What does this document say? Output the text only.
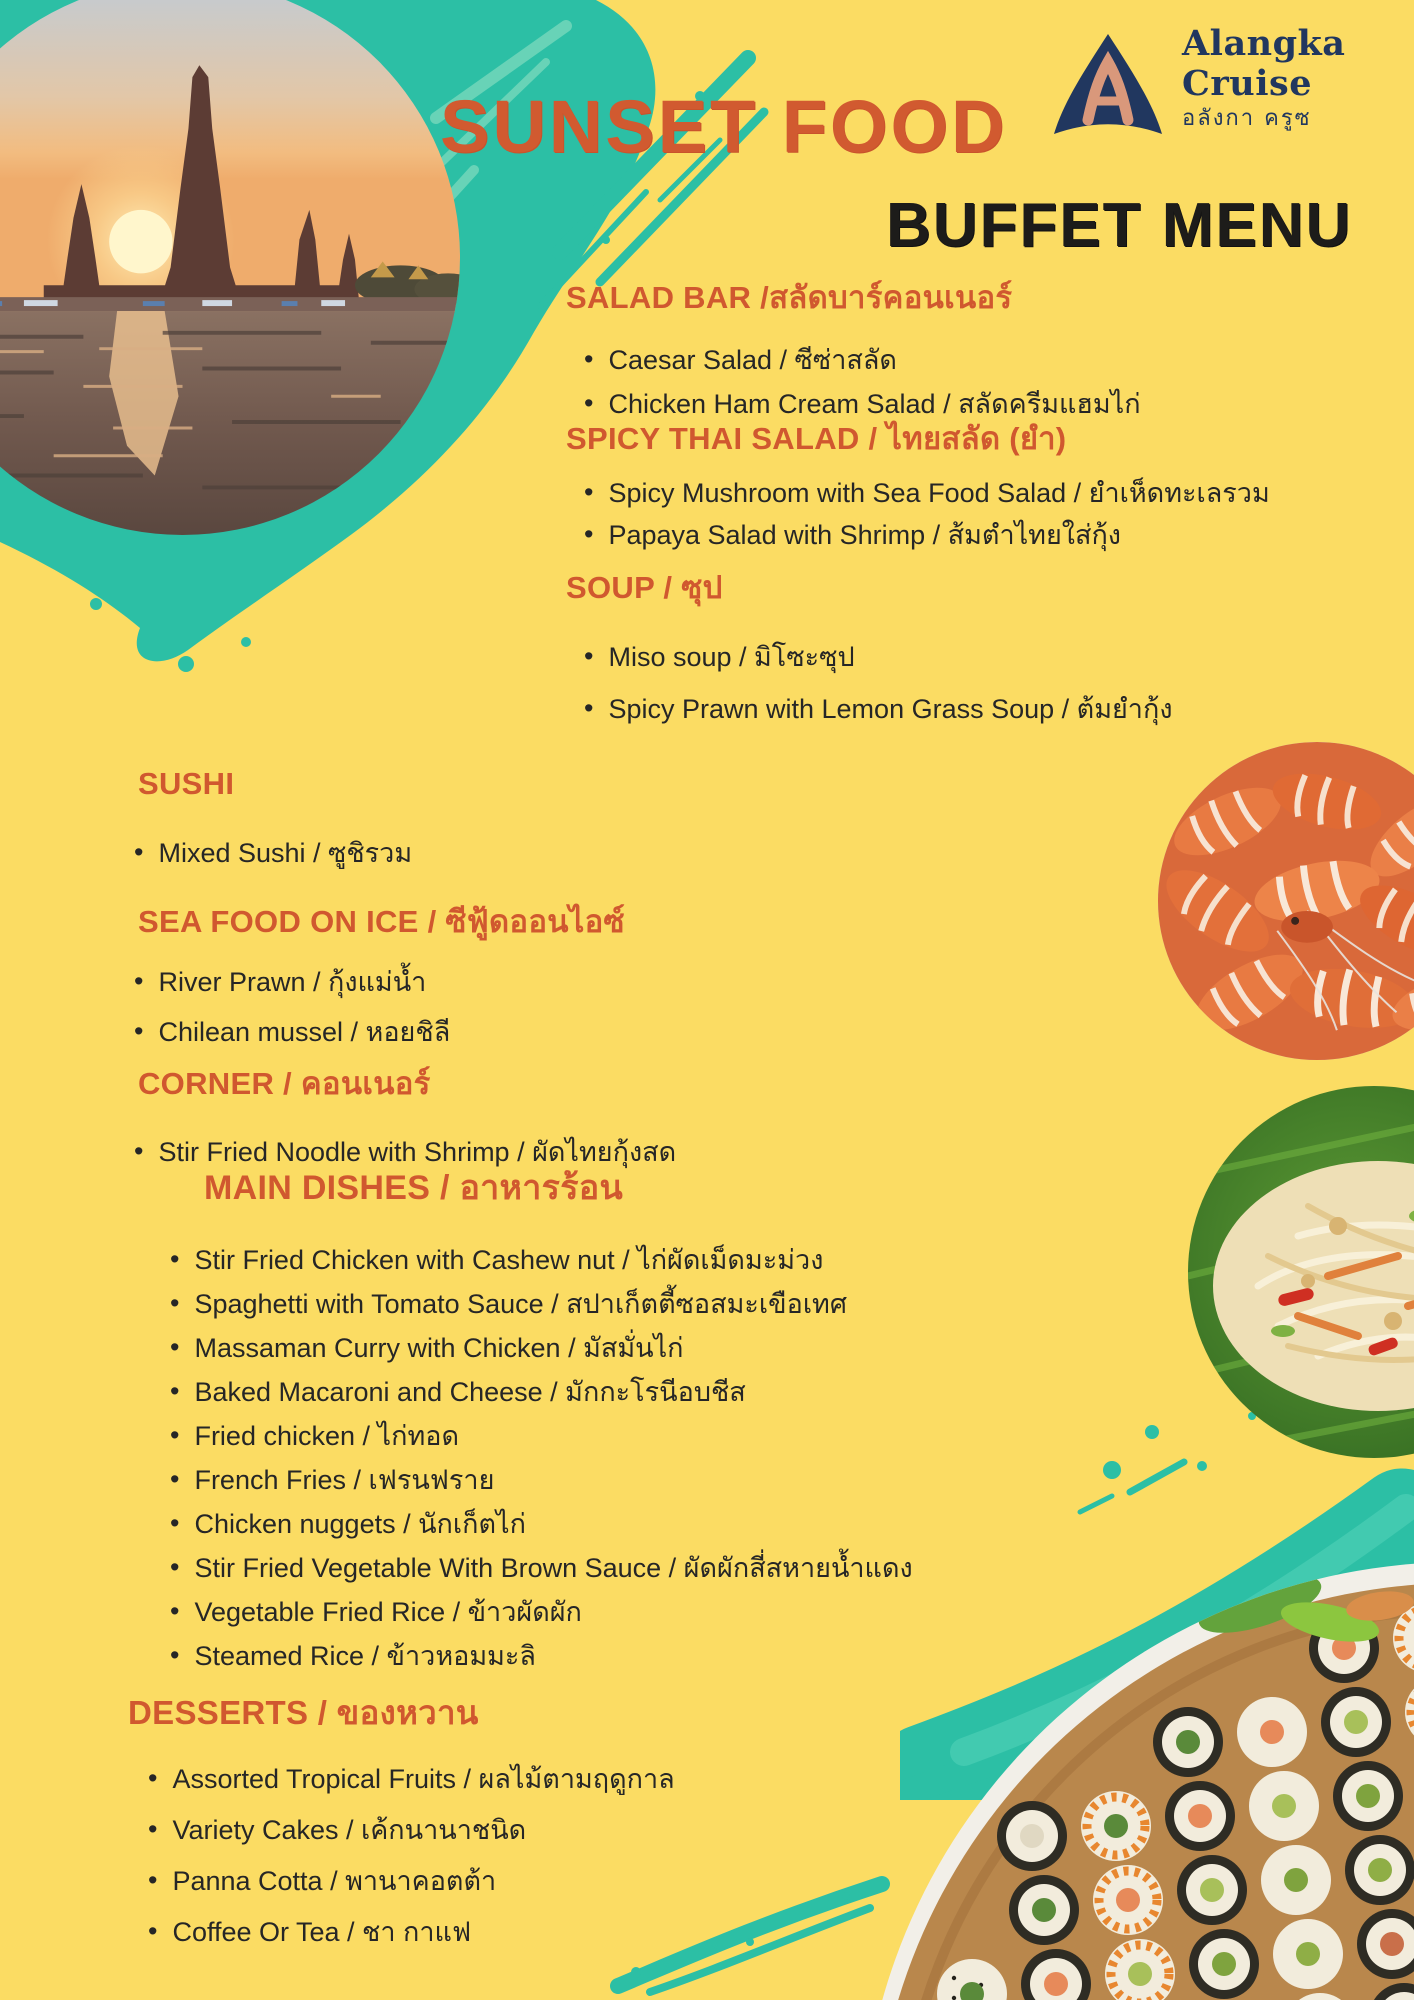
SUNSET FOOD
BUFFET MENU
Alangka
Cruise
อลังกา ครูซ
SALAD BAR /สลัดบาร์คอนเนอร์
• Caesar Salad / ซีซ่าสลัด
• Chicken Ham Cream Salad / สลัดครีมแฮมไก่
SPICY THAI SALAD / ไทยสลัด (ยำ)
• Spicy Mushroom with Sea Food Salad / ยำเห็ดทะเลรวม
• Papaya Salad with Shrimp / ส้มตำไทยใส่กุ้ง
SOUP / ซุป
• Miso soup / มิโซะซุป
• Spicy Prawn with Lemon Grass Soup / ต้มยำกุ้ง
SUSHI
• Mixed Sushi / ซูชิรวม
SEA FOOD ON ICE / ซีฟู้ดออนไอซ์
• River Prawn / กุ้งแม่น้ำ
• Chilean mussel / หอยชิลี
CORNER / คอนเนอร์
• Stir Fried Noodle with Shrimp / ผัดไทยกุ้งสด
MAIN DISHES / อาหารร้อน
• Stir Fried Chicken with Cashew nut / ไก่ผัดเม็ดมะม่วง
• Spaghetti with Tomato Sauce / สปาเก็ตตี้ซอสมะเขือเทศ
• Massaman Curry with Chicken / มัสมั่นไก่
• Baked Macaroni and Cheese / มักกะโรนีอบชีส
• Fried chicken / ไก่ทอด
• French Fries / เฟรนฟราย
• Chicken nuggets / นักเก็ตไก่
• Stir Fried Vegetable With Brown Sauce / ผัดผักสี่สหายน้ำแดง
• Vegetable Fried Rice / ข้าวผัดผัก
• Steamed Rice / ข้าวหอมมะลิ
DESSERTS / ของหวาน
• Assorted Tropical Fruits / ผลไม้ตามฤดูกาล
• Variety Cakes / เค้กนานาชนิด
• Panna Cotta / พานาคอตต้า
• Coffee Or Tea / ชา กาแฟ
